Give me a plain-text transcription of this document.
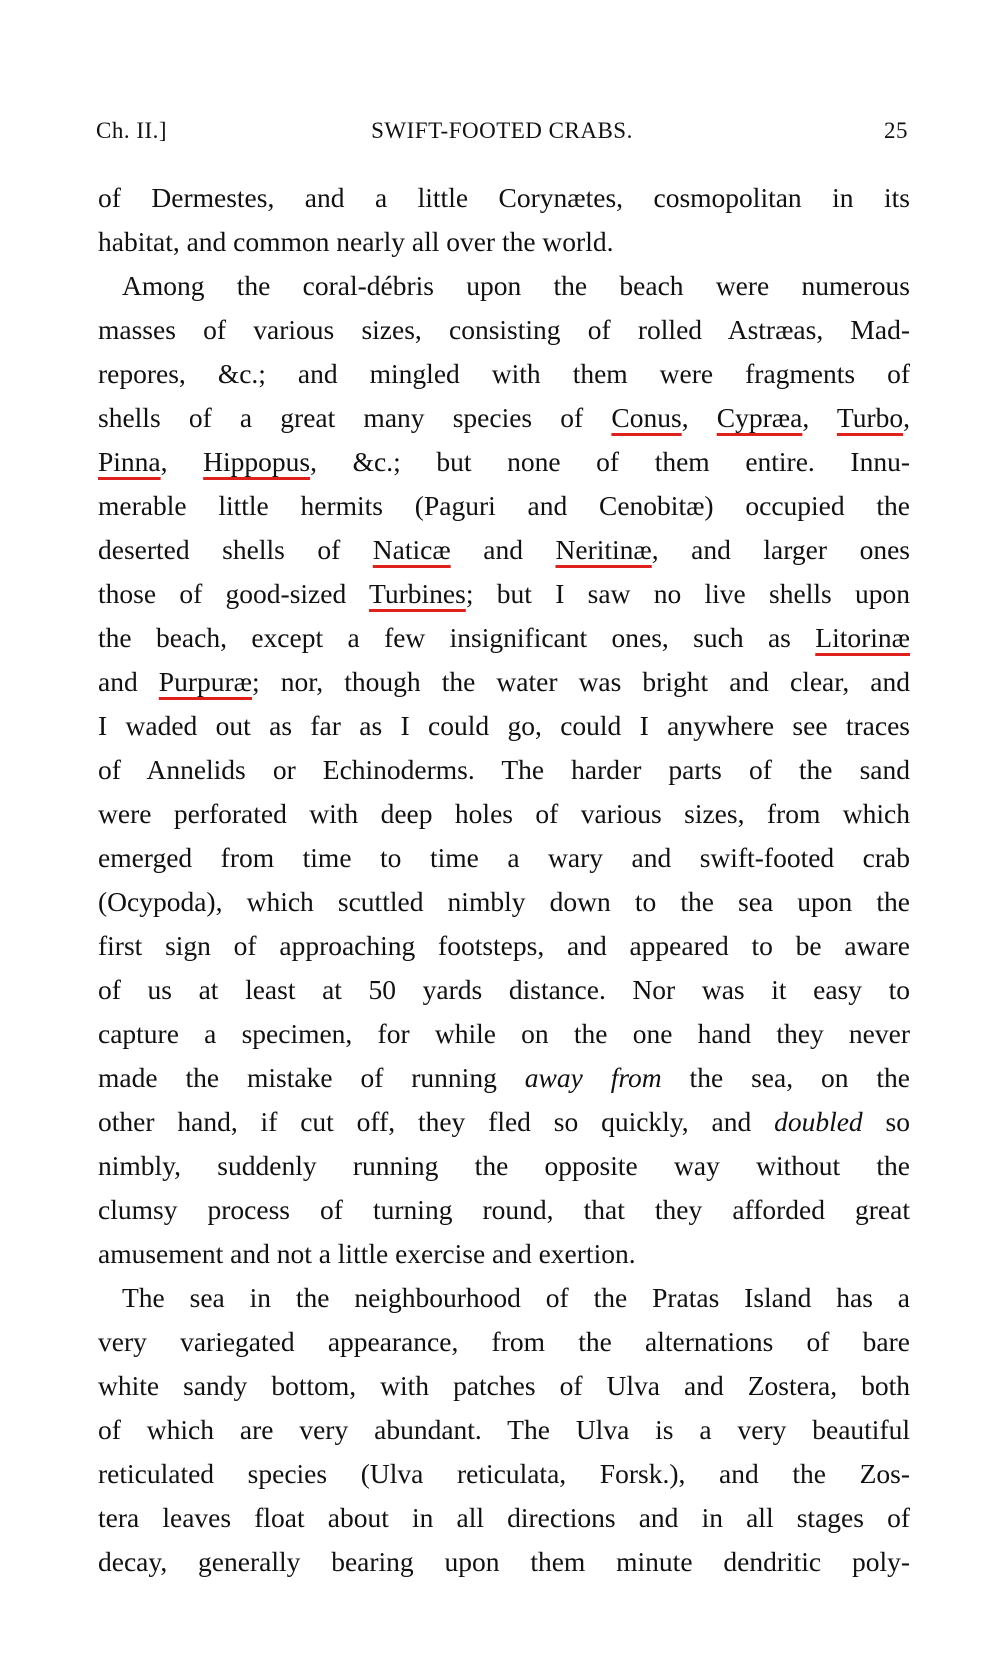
Ch. II.]	SWIFT-FOOTED CRABS.	25
of Dermestes, and a little Corynætes, cosmopolitan in its
habitat, and common nearly all over the world.
Among the coral-débris upon the beach were numerous
masses of various sizes, consisting of rolled Astræas, Mad-
repores, &c.; and mingled with them were fragments of
shells of a great many species of Conus, Cypræa, Turbo,
Pinna, Hippopus, &c.; but none of them entire. Innu-
merable little hermits (Paguri and Cenobitæ) occupied the
deserted shells of Naticæ and Neritinæ, and larger ones
those of good-sized Turbines; but I saw no live shells upon
the beach, except a few insignificant ones, such as Litorinæ
and Purpuræ; nor, though the water was bright and clear, and
I waded out as far as I could go, could I anywhere see traces
of Annelids or Echinoderms. The harder parts of the sand
were perforated with deep holes of various sizes, from which
emerged from time to time a wary and swift-footed crab
(Ocypoda), which scuttled nimbly down to the sea upon the
first sign of approaching footsteps, and appeared to be aware
of us at least at 50 yards distance. Nor was it easy to
capture a specimen, for while on the one hand they never
made the mistake of running away from the sea, on the
other hand, if cut off, they fled so quickly, and doubled so
nimbly, suddenly running the opposite way without the
clumsy process of turning round, that they afforded great
amusement and not a little exercise and exertion.
The sea in the neighbourhood of the Pratas Island has a
very variegated appearance, from the alternations of bare
white sandy bottom, with patches of Ulva and Zostera, both
of which are very abundant. The Ulva is a very beautiful
reticulated species (Ulva reticulata, Forsk.), and the Zos-
tera leaves float about in all directions and in all stages of
decay, generally bearing upon them minute dendritic poly-
